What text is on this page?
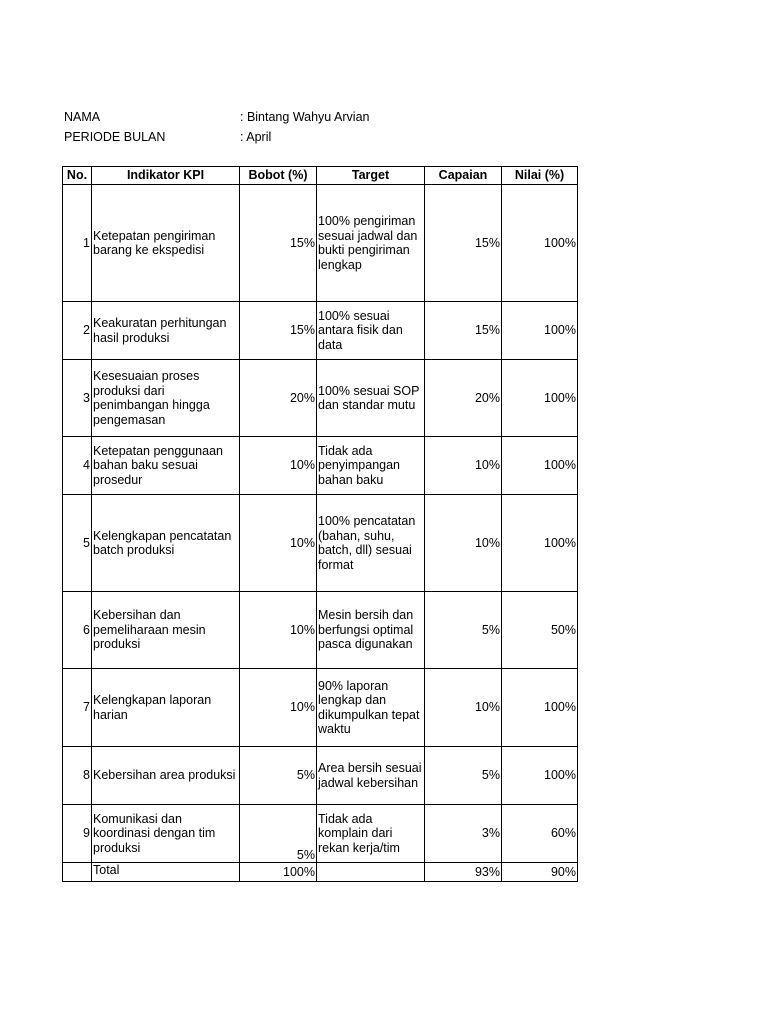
NAMA	: Bintang Wahyu Arvian
PERIODE BULAN	: April
No.	Indikator KPI	Bobot (%)	Target	Capaian	Nilai (%)
1	Ketepatan pengiriman barang ke ekspedisi	15%	100% pengiriman sesuai jadwal dan bukti pengiriman lengkap	15%	100%
2	Keakuratan perhitungan hasil produksi	15%	100% sesuai antara fisik dan data	15%	100%
3	Kesesuaian proses produksi dari penimbangan hingga pengemasan	20%	100% sesuai SOP dan standar mutu	20%	100%
4	Ketepatan penggunaan bahan baku sesuai prosedur	10%	Tidak ada penyimpangan bahan baku	10%	100%
5	Kelengkapan pencatatan batch produksi	10%	100% pencatatan (bahan, suhu, batch, dll) sesuai format	10%	100%
6	Kebersihan dan pemeliharaan mesin produksi	10%	Mesin bersih dan berfungsi optimal pasca digunakan	5%	50%
7	Kelengkapan laporan harian	10%	90% laporan lengkap dan dikumpulkan tepat waktu	10%	100%
8	Kebersihan area produksi	5%	Area bersih sesuai jadwal kebersihan	5%	100%
9	Komunikasi dan koordinasi dengan tim produksi	5%	Tidak ada komplain dari rekan kerja/tim	3%	60%
	Total	100%		93%	90%
